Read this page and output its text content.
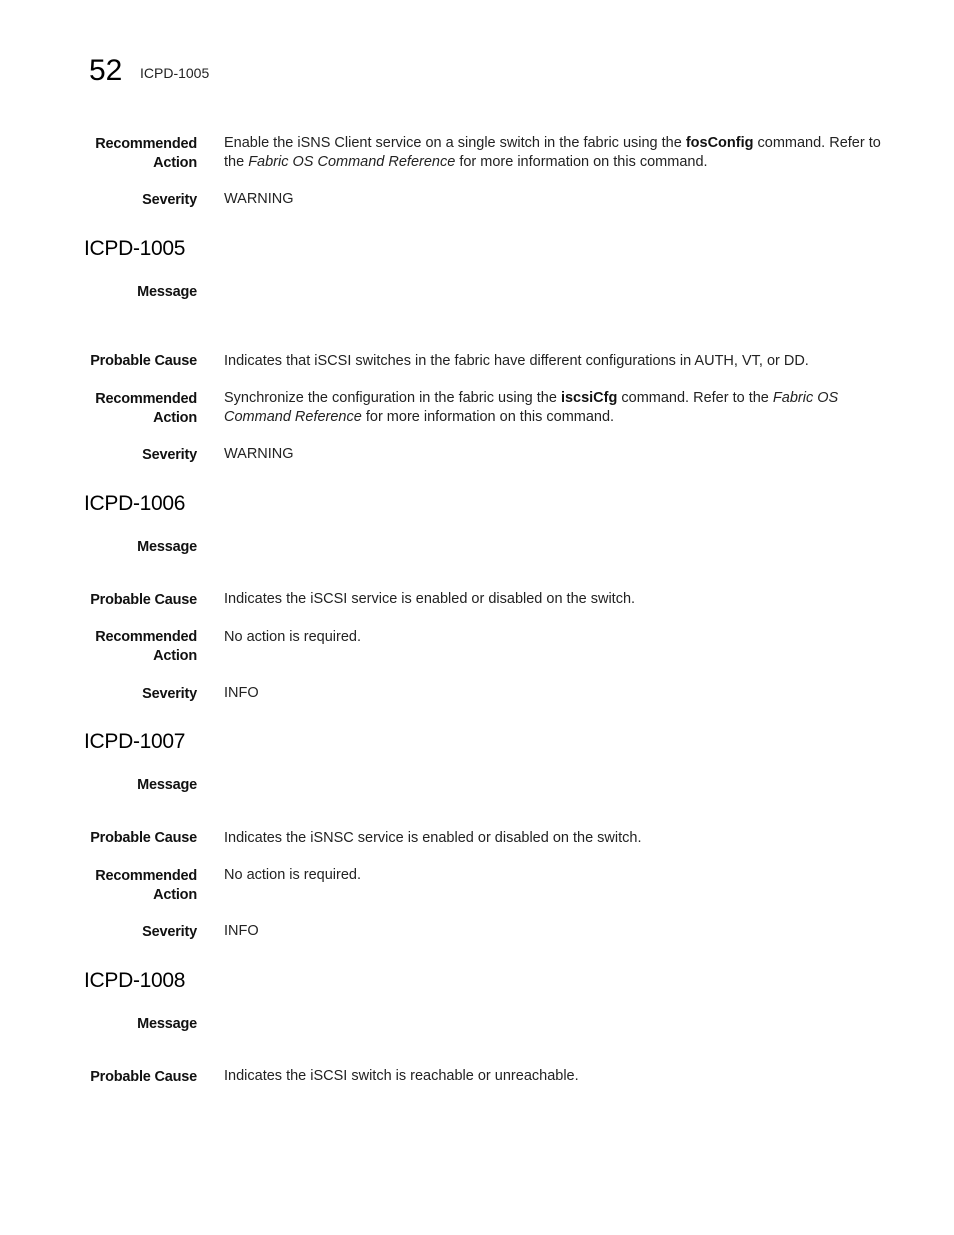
52 ICPD-1005
Recommended
Action
Enable the iSNS Client service on a single switch in the fabric using the fosConfig command. Refer to the Fabric OS Command Reference for more information on this command.
Severity WARNING
ICPD-1005
Message
Probable Cause Indicates that iSCSI switches in the fabric have different configurations in AUTH, VT, or DD.
Recommended
Action
Synchronize the configuration in the fabric using the iscsiCfg command. Refer to the Fabric OS Command Reference for more information on this command.
Severity WARNING
ICPD-1006
Message
Probable Cause Indicates the iSCSI service is enabled or disabled on the switch.
Recommended
Action
No action is required.
Severity INFO
ICPD-1007
Message
Probable Cause Indicates the iSNSC service is enabled or disabled on the switch.
Recommended
Action
No action is required.
Severity INFO
ICPD-1008
Message
Probable Cause Indicates the iSCSI switch is reachable or unreachable.
